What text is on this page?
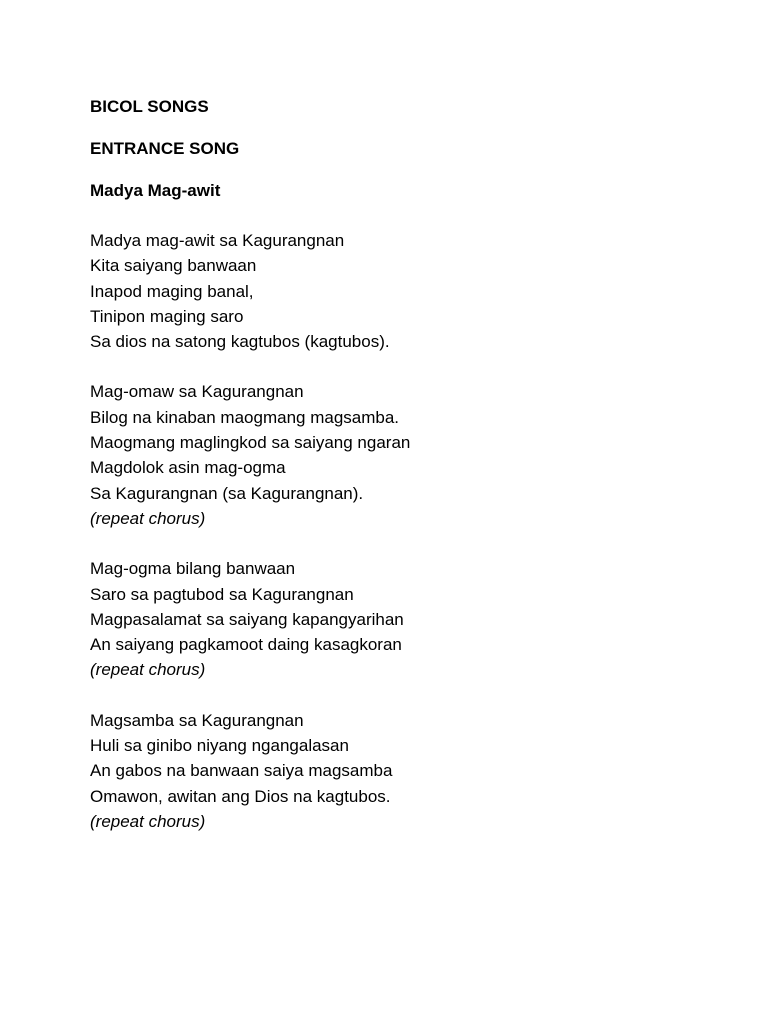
BICOL SONGS
ENTRANCE SONG
Madya Mag-awit
Madya mag-awit sa Kagurangnan
Kita saiyang banwaan
Inapod maging banal,
Tinipon maging saro
Sa dios na satong kagtubos (kagtubos).
Mag-omaw sa Kagurangnan
Bilog na kinaban maogmang magsamba.
Maogmang maglingkod sa saiyang ngaran
Magdolok asin mag-ogma
Sa Kagurangnan (sa Kagurangnan).
(repeat chorus)
Mag-ogma bilang banwaan
Saro sa pagtubod sa Kagurangnan
Magpasalamat sa saiyang kapangyarihan
An saiyang pagkamoot daing kasagkoran
(repeat chorus)
Magsamba sa Kagurangnan
Huli sa ginibo niyang ngangalasan
An gabos na banwaan saiya magsamba
Omawon, awitan ang Dios na kagtubos.
(repeat chorus)
